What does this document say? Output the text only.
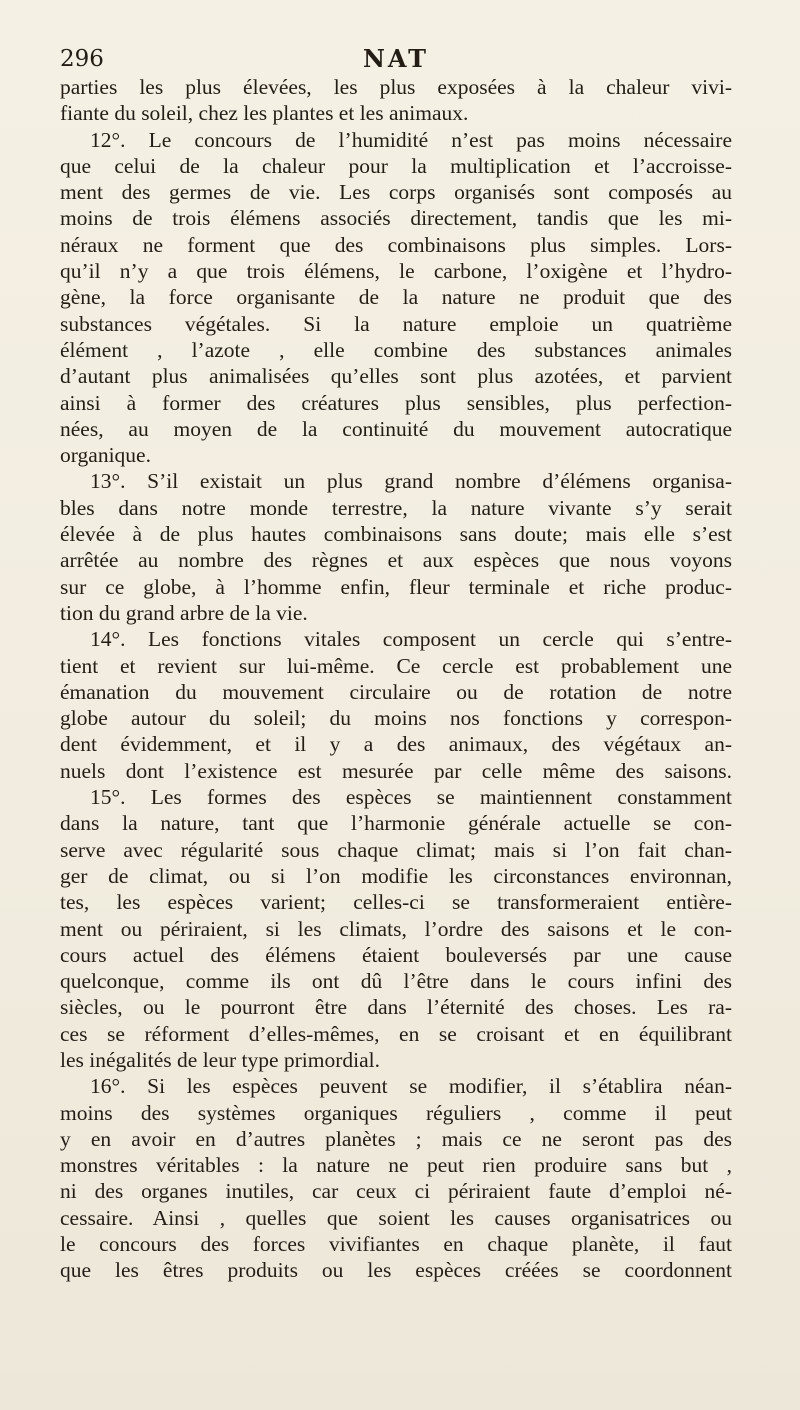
296	NAT
parties les plus élevées, les plus exposées à la chaleur vivi-
fiante du soleil, chez les plantes et les animaux.
12°. Le concours de l’humidité n’est pas moins nécessaire
que celui de la chaleur pour la multiplication et l’accroisse-
ment des germes de vie. Les corps organisés sont composés au
moins de trois élémens associés directement, tandis que les mi-
néraux ne forment que des combinaisons plus simples. Lors-
qu’il n’y a que trois élémens, le carbone, l’oxigène et l’hydro-
gène, la force organisante de la nature ne produit que des
substances végétales. Si la nature emploie un quatrième
élément , l’azote , elle combine des substances animales
d’autant plus animalisées qu’elles sont plus azotées, et parvient
ainsi à former des créatures plus sensibles, plus perfection-
nées, au moyen de la continuité du mouvement autocratique
organique.
13°. S’il existait un plus grand nombre d’élémens organisa-
bles dans notre monde terrestre, la nature vivante s’y serait
élevée à de plus hautes combinaisons sans doute; mais elle s’est
arrêtée au nombre des règnes et aux espèces que nous voyons
sur ce globe, à l’homme enfin, fleur terminale et riche produc-
tion du grand arbre de la vie.
14°. Les fonctions vitales composent un cercle qui s’entre-
tient et revient sur lui-même. Ce cercle est probablement une
émanation du mouvement circulaire ou de rotation de notre
globe autour du soleil; du moins nos fonctions y correspon-
dent évidemment, et il y a des animaux, des végétaux an-
nuels dont l’existence est mesurée par celle même des saisons.
15°. Les formes des espèces se maintiennent constamment
dans la nature, tant que l’harmonie générale actuelle se con-
serve avec régularité sous chaque climat; mais si l’on fait chan-
ger de climat, ou si l’on modifie les circonstances environnan,
tes, les espèces varient; celles-ci se transformeraient entière-
ment ou périraient, si les climats, l’ordre des saisons et le con-
cours actuel des élémens étaient bouleversés par une cause
quelconque, comme ils ont dû l’être dans le cours infini des
siècles, ou le pourront être dans l’éternité des choses. Les ra-
ces se réforment d’elles-mêmes, en se croisant et en équilibrant
les inégalités de leur type primordial.
16°. Si les espèces peuvent se modifier, il s’établira néan-
moins des systèmes organiques réguliers , comme il peut
y en avoir en d’autres planètes ; mais ce ne seront pas des
monstres véritables : la nature ne peut rien produire sans but ,
ni des organes inutiles, car ceux ci périraient faute d’emploi né-
cessaire. Ainsi , quelles que soient les causes organisatrices ou
le concours des forces vivifiantes en chaque planète, il faut
que les êtres produits ou les espèces créées se coordonnent
